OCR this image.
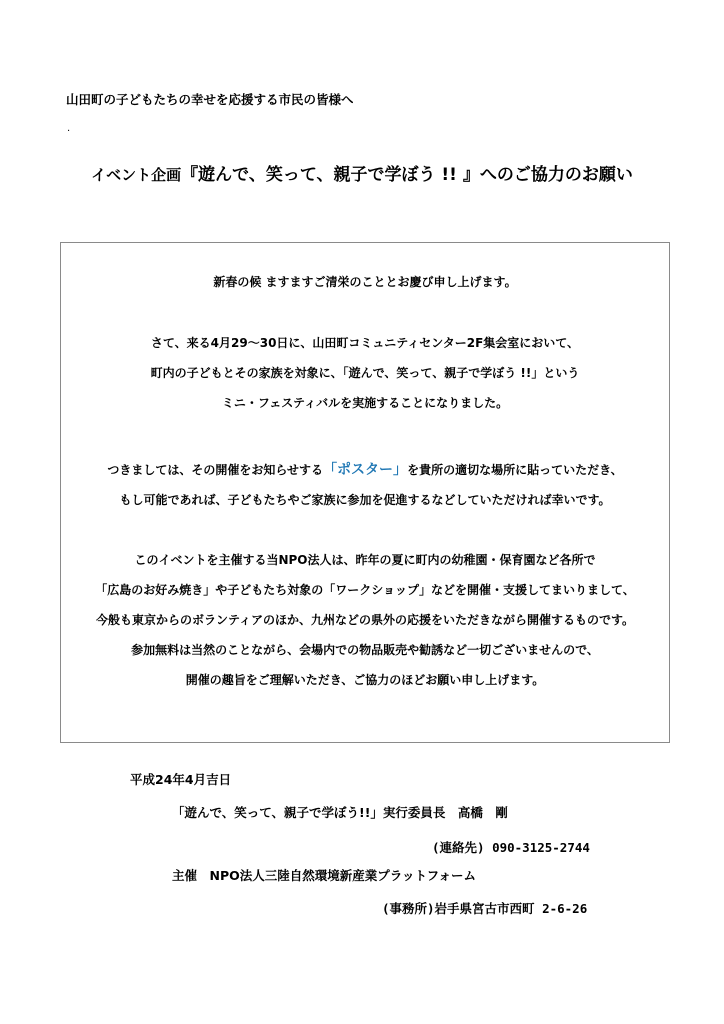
山田町の子どもたちの幸せを応援する市民の皆様へ
.
イベント企画『遊んで、笑って、親子で学ぼう !! 』へのご協力のお願い

新春の候 ますますご清栄のこととお慶び申し上げます。

さて、来る4月29～30日に、山田町コミュニティセンター2F集会室において、

町内の子どもとその家族を対象に、「遊んで、笑って、親子で学ぼう !!」という

ミニ・フェスティバルを実施することになりました。

つきましては、その開催をお知らせする「ポスター」を貴所の適切な場所に貼っていただき、

もし可能であれば、子どもたちやご家族に参加を促進するなどしていただければ幸いです。

このイベントを主催する当NPO法人は、昨年の夏に町内の幼稚園・保育園など各所で

「広島のお好み焼き」や子どもたち対象の「ワークショップ」などを開催・支援してまいりまして、

今般も東京からのボランティアのほか、九州などの県外の応援をいただきながら開催するものです。

参加無料は当然のことながら、会場内での物品販売や勧誘など一切ございませんので、

開催の趣旨をご理解いただき、ご協力のほどお願い申し上げます。

平成24年4月吉日
「遊んで、笑って、親子で学ぼう!!」実行委員長　高橋　剛
(連絡先) 090-3125-2744
主催　NPO法人三陸自然環境新産業プラットフォーム
(事務所)岩手県宮古市西町 2-6-26
